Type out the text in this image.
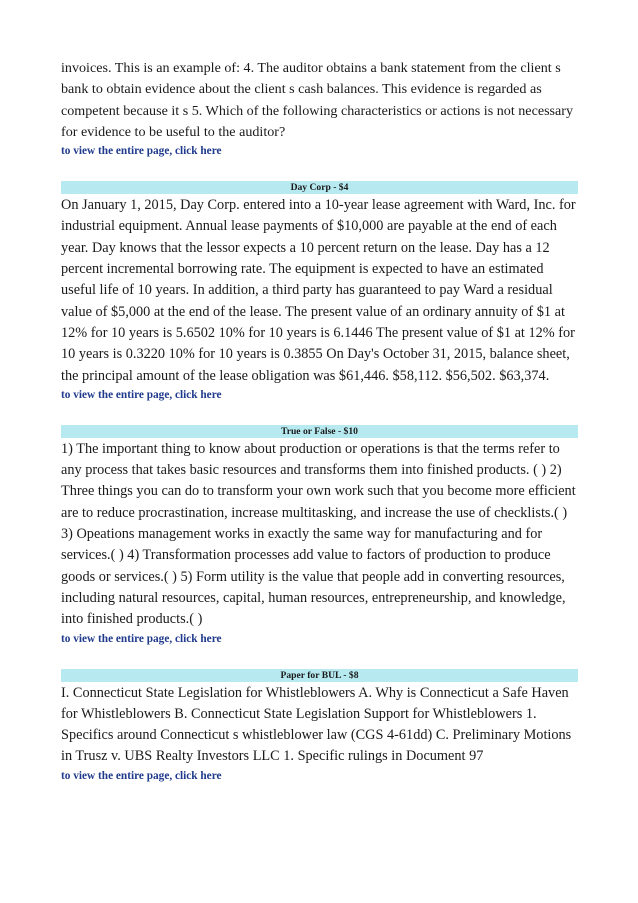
invoices. This is an example of: 4. The auditor obtains a bank statement from the client s bank to obtain evidence about the client s cash balances. This evidence is regarded as competent because it s 5. Which of the following characteristics or actions is not necessary for evidence to be useful to the auditor?

to view the entire page, click here
Day Corp - $4

On January 1, 2015, Day Corp. entered into a 10-year lease agreement with Ward, Inc. for industrial equipment. Annual lease payments of $10,000 are payable at the end of each year. Day knows that the lessor expects a 10 percent return on the lease. Day has a 12 percent incremental borrowing rate. The equipment is expected to have an estimated useful life of 10 years. In addition, a third party has guaranteed to pay Ward a residual value of $5,000 at the end of the lease. The present value of an ordinary annuity of $1 at 12% for 10 years is 5.6502 10% for 10 years is 6.1446 The present value of $1 at 12% for 10 years is 0.3220 10% for 10 years is 0.3855 On Day's October 31, 2015, balance sheet, the principal amount of the lease obligation was $61,446. $58,112. $56,502. $63,374.

to view the entire page, click here
True or False - $10

1) The important thing to know about production or operations is that the terms refer to any process that takes basic resources and transforms them into finished products. ( ) 2) Three things you can do to transform your own work such that you become more efficient are to reduce procrastination, increase multitasking, and increase the use of checklists.( ) 3) Opeations management works in exactly the same way for manufacturing and for services.( ) 4) Transformation processes add value to factors of production to produce goods or services.( ) 5) Form utility is the value that people add in converting resources, including natural resources, capital, human resources, entrepreneurship, and knowledge, into finished products.( )

to view the entire page, click here
Paper for BUL - $8

I. Connecticut State Legislation for Whistleblowers A. Why is Connecticut a Safe Haven for Whistleblowers B. Connecticut State Legislation Support for Whistleblowers 1. Specifics around Connecticut s whistleblower law (CGS 4-61dd) C. Preliminary Motions in Trusz v. UBS Realty Investors LLC 1. Specific rulings in Document 97

to view the entire page, click here
